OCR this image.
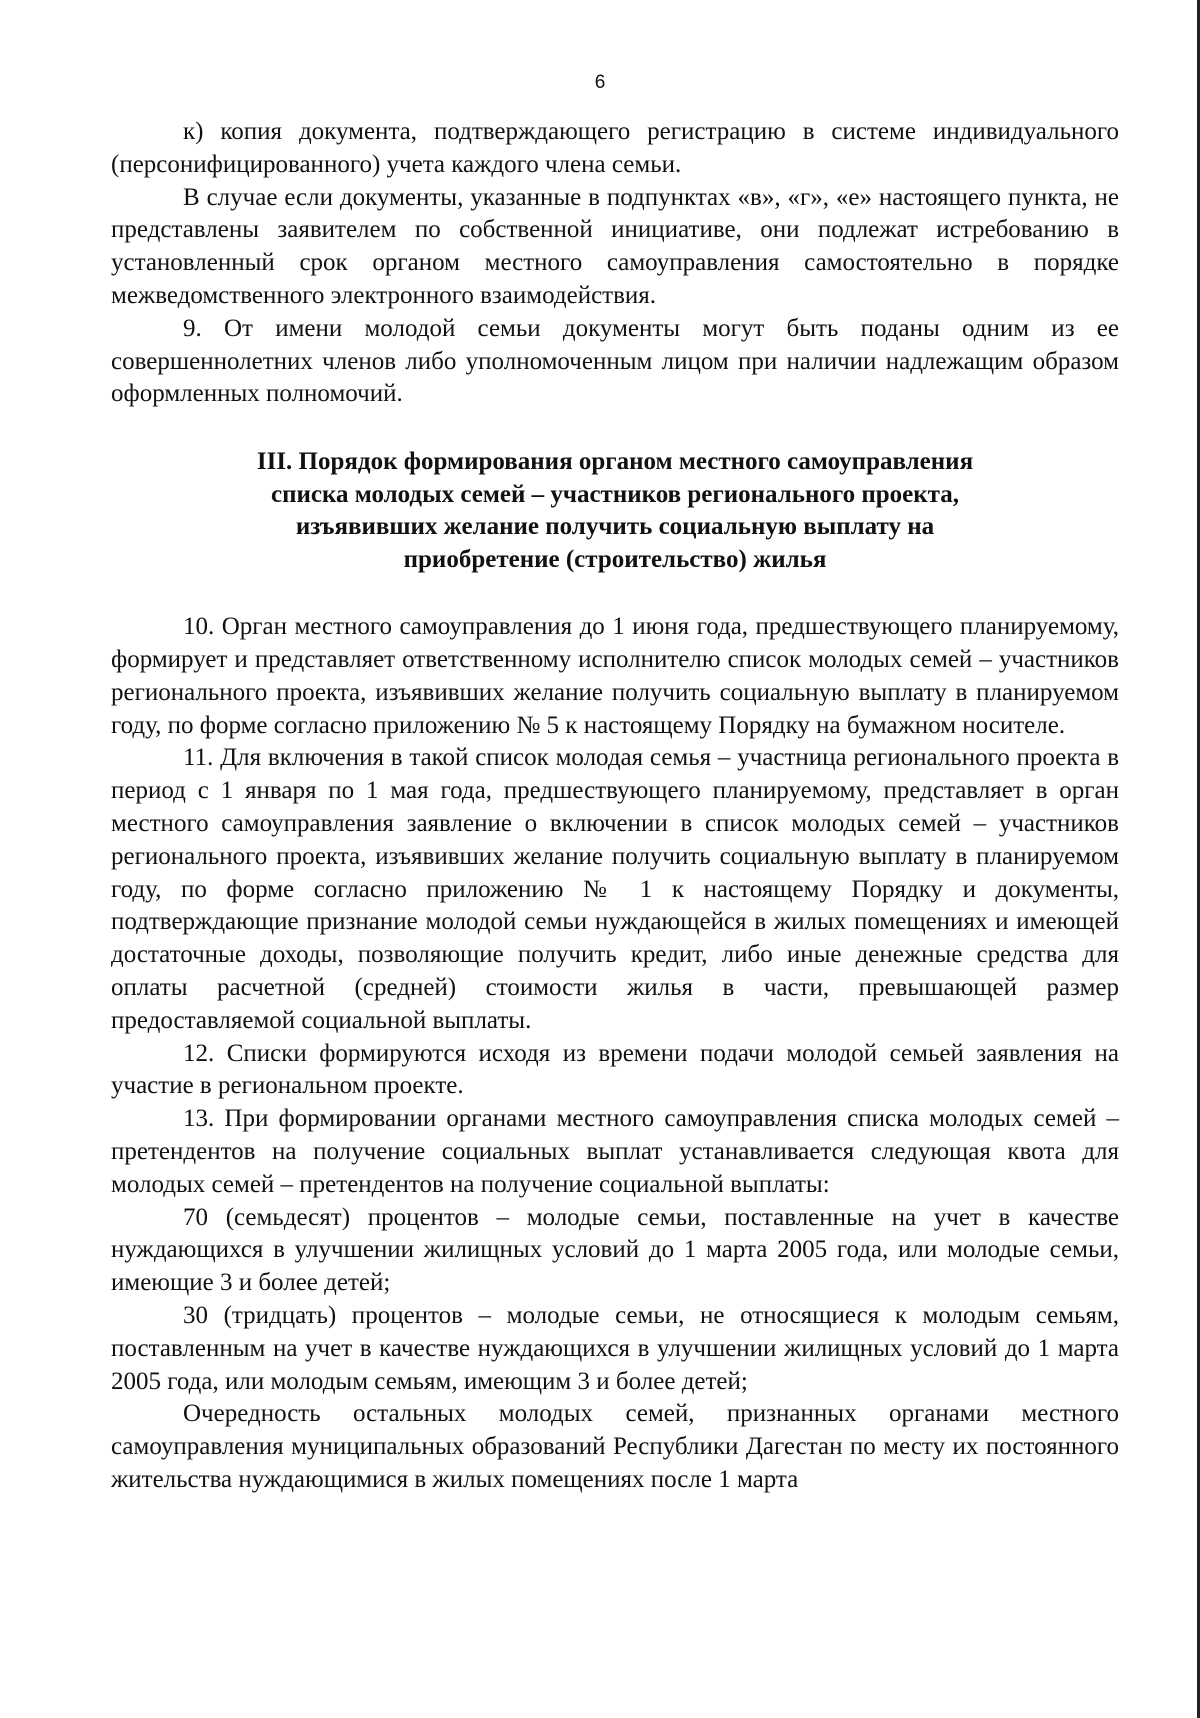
6

к) копия документа, подтверждающего регистрацию в системе индивидуального (персонифицированного) учета каждого члена семьи.

В случае если документы, указанные в подпунктах «в», «г», «е» настоящего пункта, не представлены заявителем по собственной инициативе, они подлежат истребованию в установленный срок органом местного самоуправления самостоятельно в порядке межведомственного электронного взаимодействия.

9. От имени молодой семьи документы могут быть поданы одним из ее совершеннолетних членов либо уполномоченным лицом при наличии надлежащим образом оформленных полномочий.

III. Порядок формирования органом местного самоуправления
списка молодых семей – участников регионального проекта,
изъявивших желание получить социальную выплату на
приобретение (строительство) жилья

10. Орган местного самоуправления до 1 июня года, предшествующего планируемому, формирует и представляет ответственному исполнителю список молодых семей – участников регионального проекта, изъявивших желание получить социальную выплату в планируемом году, по форме согласно приложению № 5 к настоящему Порядку на бумажном носителе.

11. Для включения в такой список молодая семья – участница регионального проекта в период с 1 января по 1 мая года, предшествующего планируемому, представляет в орган местного самоуправления заявление о включении в список молодых семей – участников регионального проекта, изъявивших желание получить социальную выплату в планируемом году, по форме согласно приложению № 1 к настоящему Порядку и документы, подтверждающие признание молодой семьи нуждающейся в жилых помещениях и имеющей достаточные доходы, позволяющие получить кредит, либо иные денежные средства для оплаты расчетной (средней) стоимости жилья в части, превышающей размер предоставляемой социальной выплаты.

12. Списки формируются исходя из времени подачи молодой семьей заявления на участие в региональном проекте.

13. При формировании органами местного самоуправления списка молодых семей – претендентов на получение социальных выплат устанавливается следующая квота для молодых семей – претендентов на получение социальной выплаты:

70 (семьдесят) процентов – молодые семьи, поставленные на учет в качестве нуждающихся в улучшении жилищных условий до 1 марта 2005 года, или молодые семьи, имеющие 3 и более детей;

30 (тридцать) процентов – молодые семьи, не относящиеся к молодым семьям, поставленным на учет в качестве нуждающихся в улучшении жилищных условий до 1 марта 2005 года, или молодым семьям, имеющим 3 и более детей;

Очередность остальных молодых семей, признанных органами местного самоуправления муниципальных образований Республики Дагестан по месту их постоянного жительства нуждающимися в жилых помещениях после 1 марта
